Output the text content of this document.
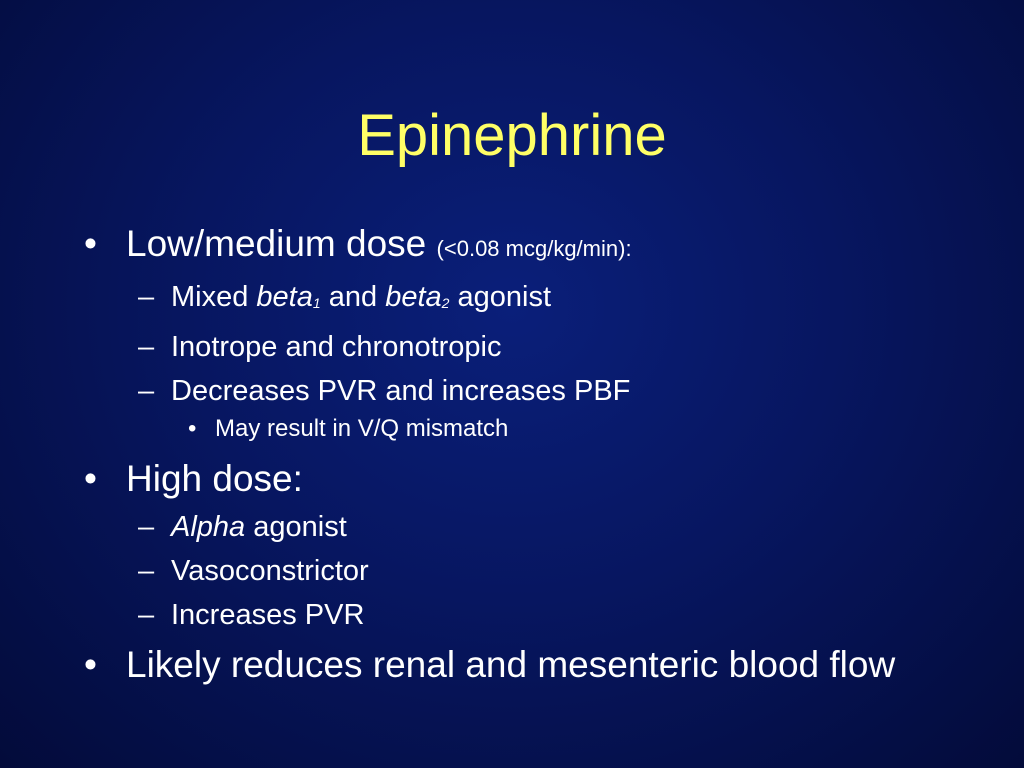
Epinephrine
• Low/medium dose (<0.08 mcg/kg/min):
– Mixed beta1 and beta2 agonist
– Inotrope and chronotropic
– Decreases PVR and increases PBF
• May result in V/Q mismatch
• High dose:
– Alpha agonist
– Vasoconstrictor
– Increases PVR
• Likely reduces renal and mesenteric blood flow
